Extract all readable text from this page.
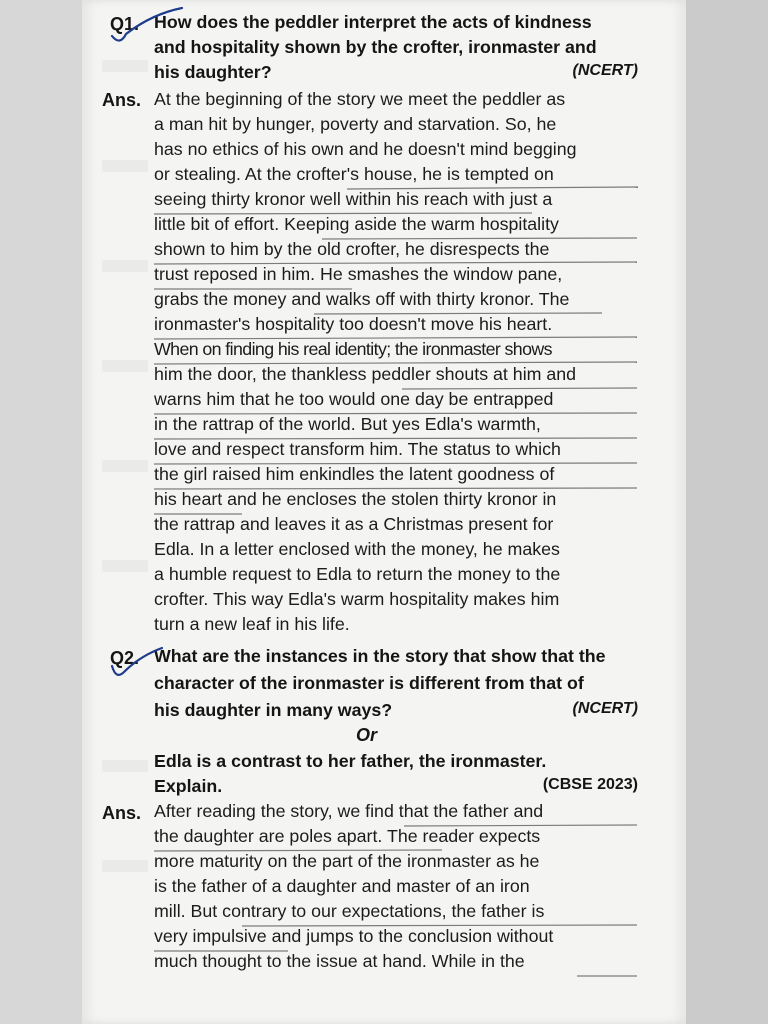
Q1. How does the peddler interpret the acts of kindness
and hospitality shown by the crofter, ironmaster and
his daughter?	(NCERT)
Ans. At the beginning of the story we meet the peddler as
a man hit by hunger, poverty and starvation. So, he
has no ethics of his own and he doesn't mind begging
or stealing. At the crofter's house, he is tempted on
seeing thirty kronor well within his reach with just a
little bit of effort. Keeping aside the warm hospitality
shown to him by the old crofter, he disrespects the
trust reposed in him. He smashes the window pane,
grabs the money and walks off with thirty kronor. The
ironmaster's hospitality too doesn't move his heart.
When on finding his real identity; the ironmaster shows
him the door, the thankless peddler shouts at him and
warns him that he too would one day be entrapped
in the rattrap of the world. But yes Edla's warmth,
love and respect transform him. The status to which
the girl raised him enkindles the latent goodness of
his heart and he encloses the stolen thirty kronor in
the rattrap and leaves it as a Christmas present for
Edla. In a letter enclosed with the money, he makes
a humble request to Edla to return the money to the
crofter. This way Edla's warm hospitality makes him
turn a new leaf in his life.
Q2. What are the instances in the story that show that the
character of the ironmaster is different from that of
his daughter in many ways?	(NCERT)
Or
Edla is a contrast to her father, the ironmaster.
Explain.	(CBSE 2023)
Ans. After reading the story, we find that the father and
the daughter are poles apart. The reader expects
more maturity on the part of the ironmaster as he
is the father of a daughter and master of an iron
mill. But contrary to our expectations, the father is
very impulsive and jumps to the conclusion without
much thought to the issue at hand. While in the
